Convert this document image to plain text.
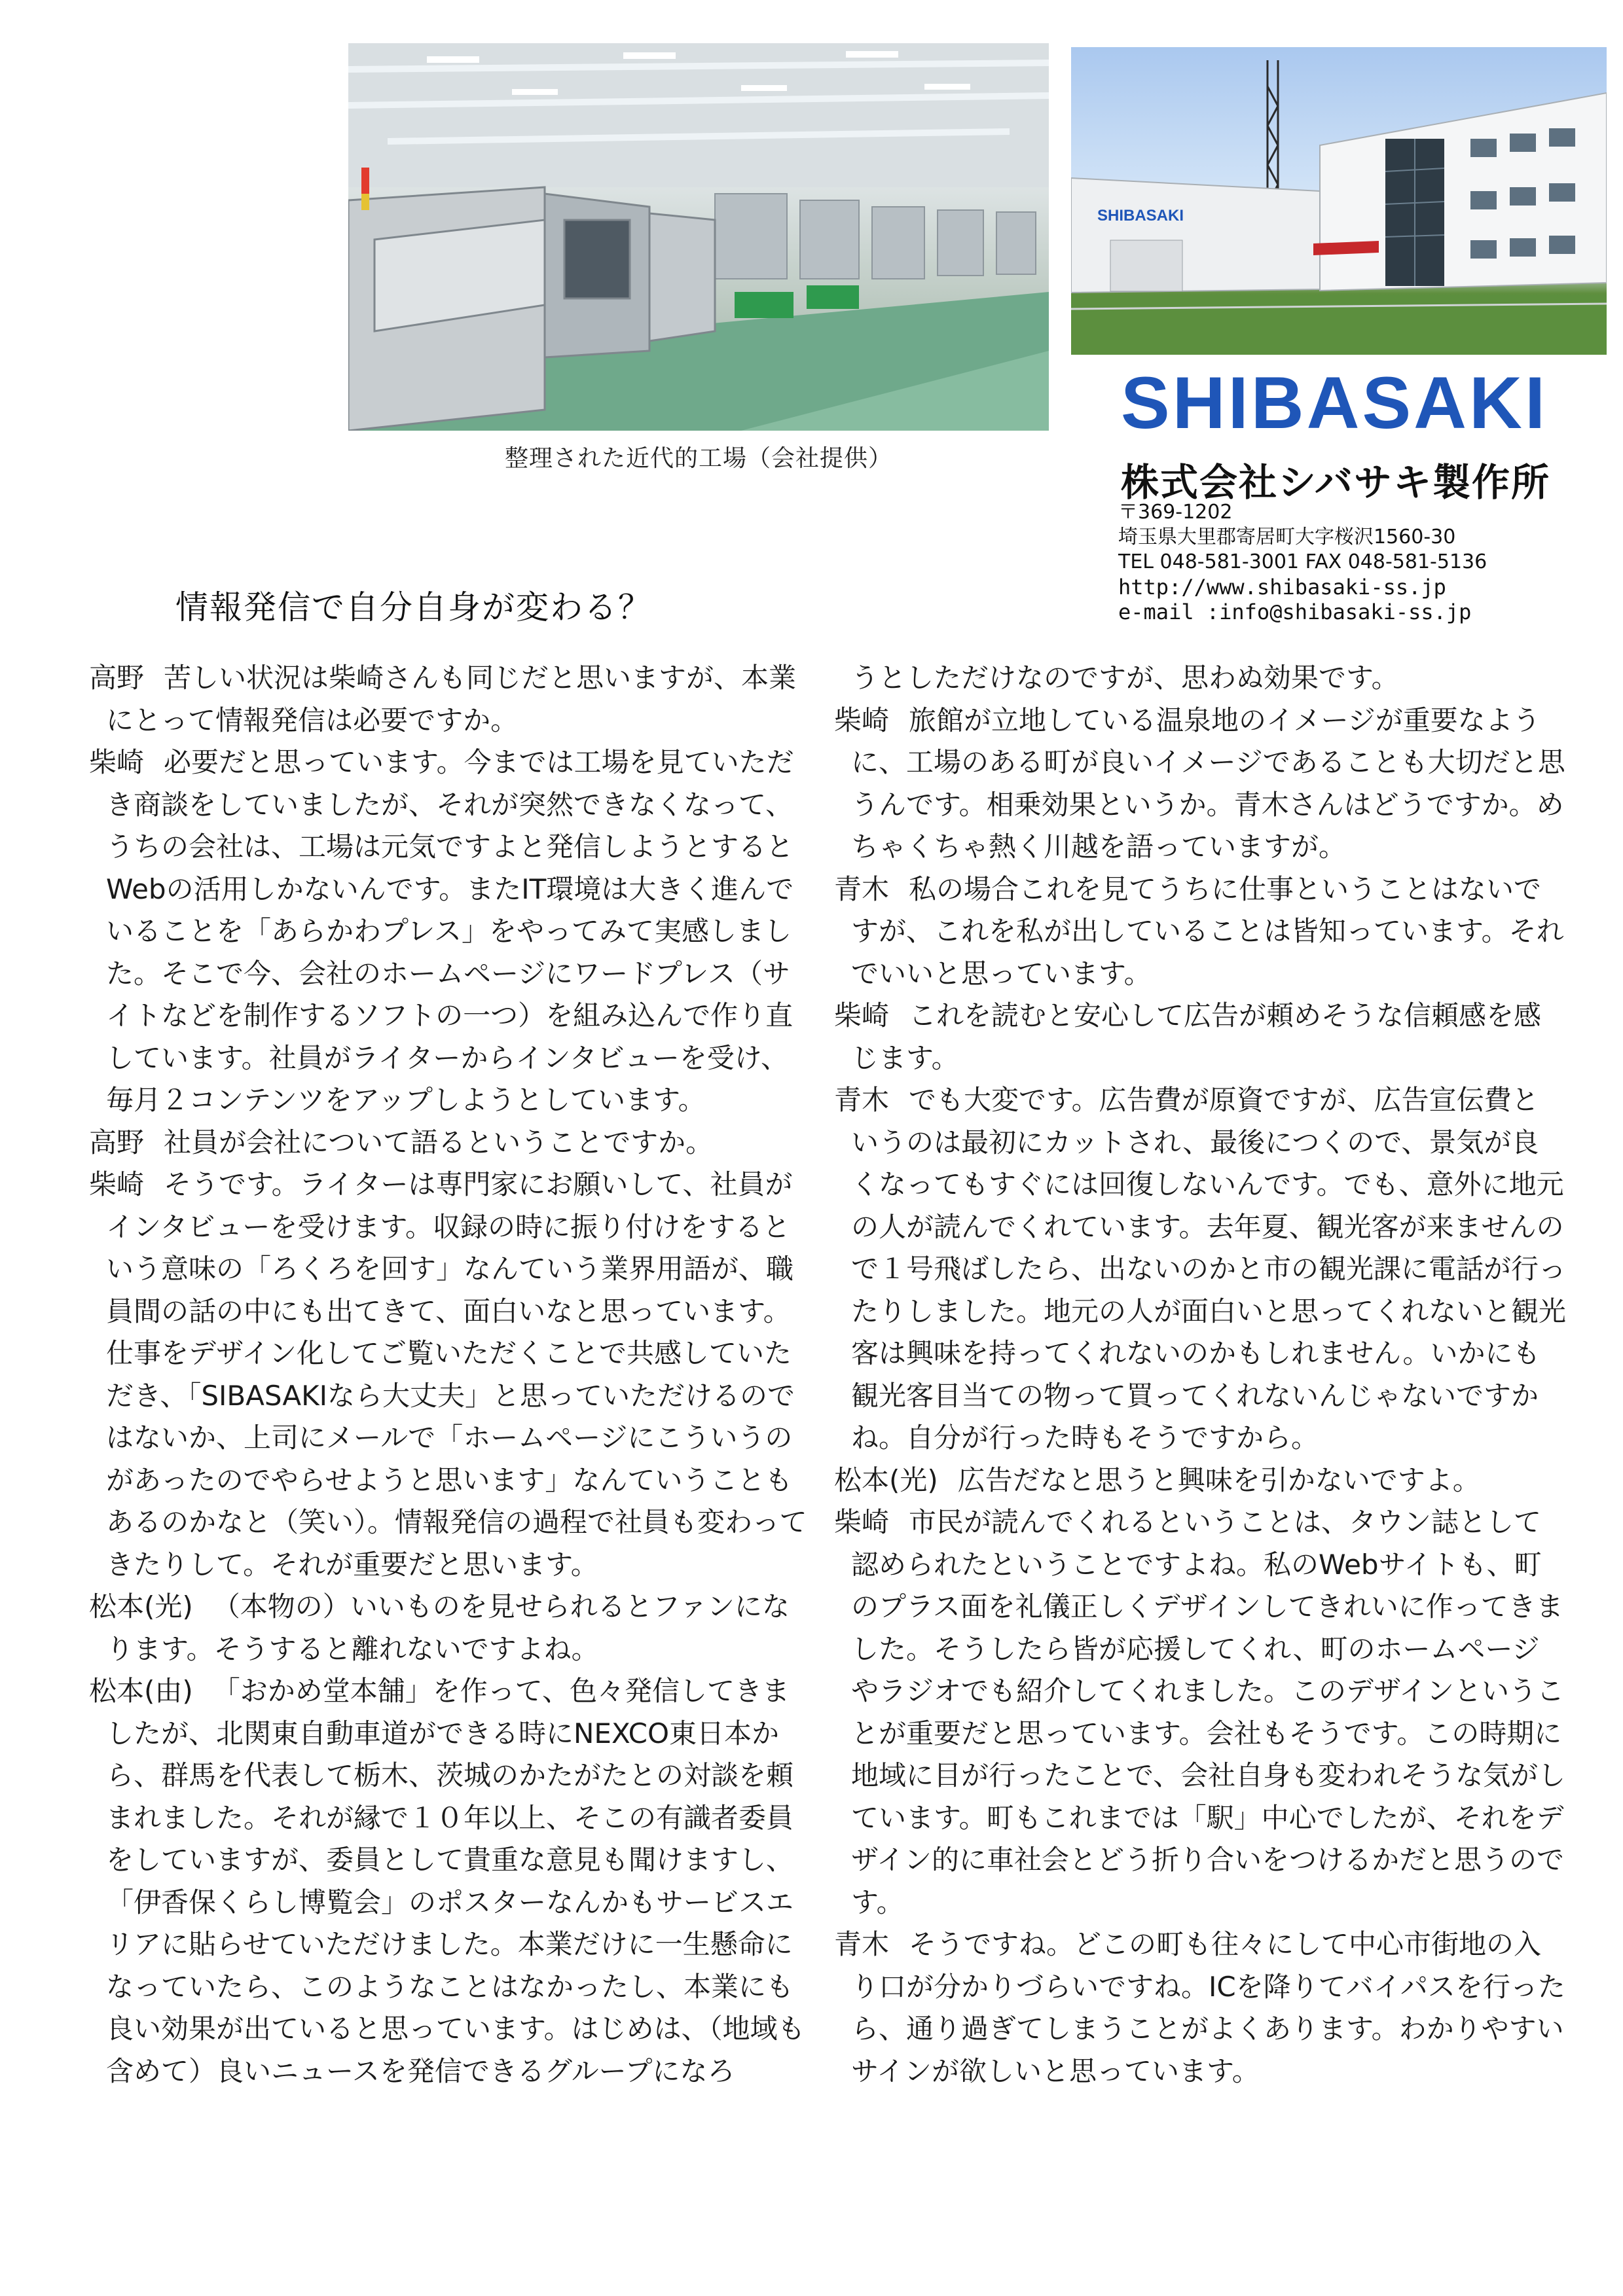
SHIBASAKI
整理された近代的工場（会社提供）
SHIBASAKI
株式会社シバサキ製作所
〒369-1202
埼玉県大里郡寄居町大字桜沢1560-30
TEL 048-581-3001 FAX 048-581-5136
http://www.shibasaki-ss.jp
e-mail :info@shibasaki-ss.jp
情報発信で自分自身が変わる？
高野 苦しい状況は柴崎さんも同じだと思いますが、本業にとって情報発信は必要ですか。
柴崎 必要だと思っています。今までは工場を見ていただき商談をしていましたが、それが突然できなくなって、うちの会社は、工場は元気ですよと発信しようとするとWebの活用しかないんです。またIT環境は大きく進んでいることを「あらかわプレス」をやってみて実感しました。そこで今、会社のホームページにワードプレス（サイトなどを制作するソフトの一つ）を組み込んで作り直しています。社員がライターからインタビューを受け、毎月２コンテンツをアップしようとしています。
高野 社員が会社について語るということですか。
柴崎 そうです。ライターは専門家にお願いして、社員がインタビューを受けます。収録の時に振り付けをするという意味の「ろくろを回す」なんていう業界用語が、職員間の話の中にも出てきて、面白いなと思っています。仕事をデザイン化してご覧いただくことで共感していただき、「SIBASAKIなら大丈夫」と思っていただけるのではないか、上司にメールで「ホームページにこういうのがあったのでやらせようと思います」なんていうこともあるのかなと（笑い）。情報発信の過程で社員も変わってきたりして。それが重要だと思います。
松本(光) （本物の）いいものを見せられるとファンになります。そうすると離れないですよね。
松本(由) 「おかめ堂本舗」を作って、色々発信してきましたが、北関東自動車道ができる時にNEXCO東日本から、群馬を代表して栃木、茨城のかたがたとの対談を頼まれました。それが縁で１０年以上、そこの有識者委員をしていますが、委員として貴重な意見も聞けますし、「伊香保くらし博覧会」のポスターなんかもサービスエリアに貼らせていただけました。本業だけに一生懸命になっていたら、このようなことはなかったし、本業にも良い効果が出ていると思っています。はじめは、（地域も含めて）良いニュースを発信できるグループになろ
うとしただけなのですが、思わぬ効果です。
柴崎 旅館が立地している温泉地のイメージが重要なように、工場のある町が良いイメージであることも大切だと思うんです。相乗効果というか。青木さんはどうですか。めちゃくちゃ熱く川越を語っていますが。
青木 私の場合これを見てうちに仕事ということはないですが、これを私が出していることは皆知っています。それでいいと思っています。
柴崎 これを読むと安心して広告が頼めそうな信頼感を感じます。
青木 でも大変です。広告費が原資ですが、広告宣伝費というのは最初にカットされ、最後につくので、景気が良くなってもすぐには回復しないんです。でも、意外に地元の人が読んでくれています。去年夏、観光客が来ませんので１号飛ばしたら、出ないのかと市の観光課に電話が行ったりしました。地元の人が面白いと思ってくれないと観光客は興味を持ってくれないのかもしれません。いかにも観光客目当ての物って買ってくれないんじゃないですかね。自分が行った時もそうですから。
松本(光) 広告だなと思うと興味を引かないですよ。
柴崎 市民が読んでくれるということは、タウン誌として認められたということですよね。私のWebサイトも、町のプラス面を礼儀正しくデザインしてきれいに作ってきました。そうしたら皆が応援してくれ、町のホームページやラジオでも紹介してくれました。このデザインということが重要だと思っています。会社もそうです。この時期に地域に目が行ったことで、会社自身も変われそうな気がしています。町もこれまでは「駅」中心でしたが、それをデザイン的に車社会とどう折り合いをつけるかだと思うのです。
青木 そうですね。どこの町も往々にして中心市街地の入り口が分かりづらいですね。ICを降りてバイパスを行ったら、通り過ぎてしまうことがよくあります。わかりやすいサインが欲しいと思っています。
